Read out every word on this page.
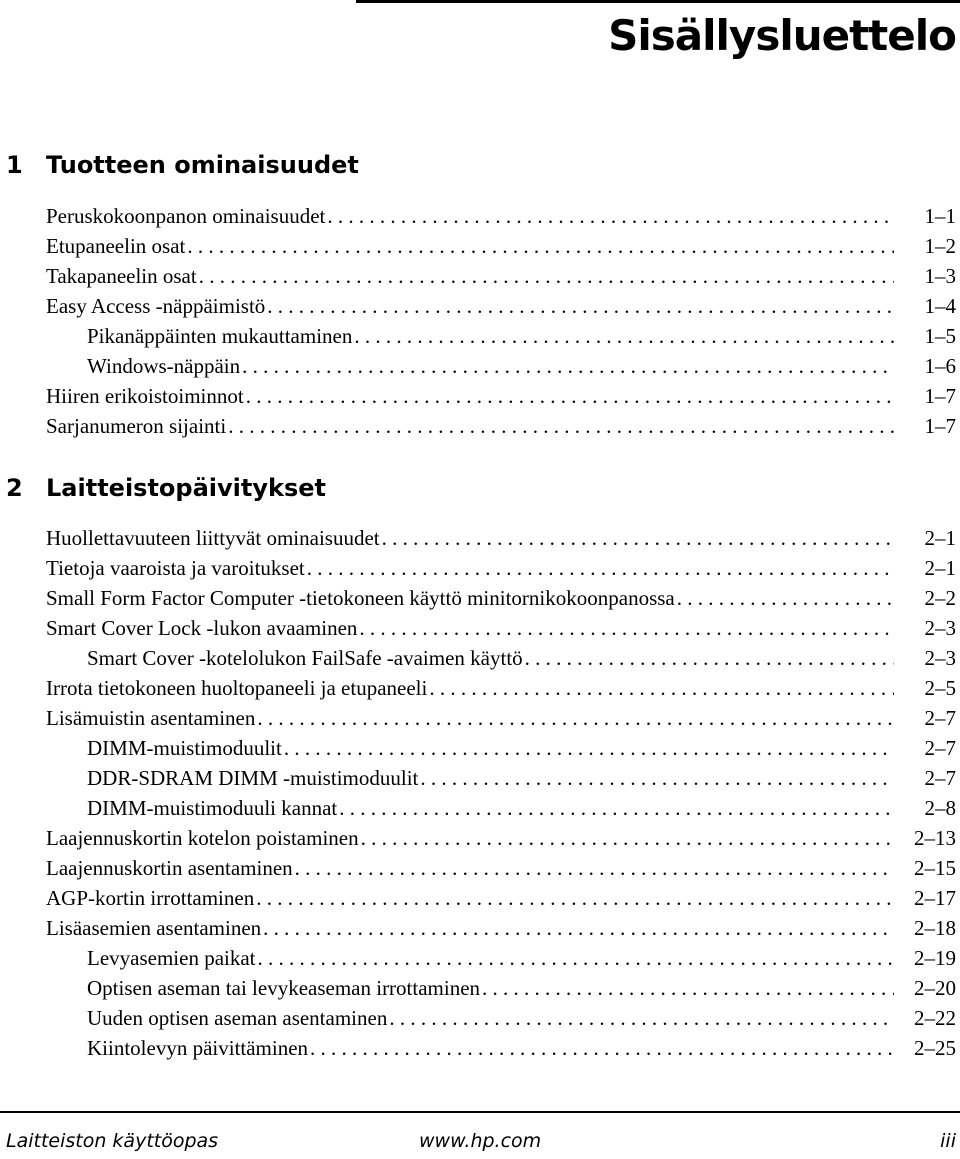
Sisällysluettelo
1 Tuotteen ominaisuudet
Peruskokoonpanon ominaisuudet . . .	1–1
Etupaneelin osat . . .	1–2
Takapaneelin osat . . .	1–3
Easy Access -näppäimistö . . .	1–4
Pikanäppäinten mukauttaminen . . .	1–5
Windows-näppäin . . .	1–6
Hiiren erikoistoiminnot . . .	1–7
Sarjanumeron sijainti . . .	1–7
2 Laitteistopäivitykset
Huollettavuuteen liittyvät ominaisuudet . . .	2–1
Tietoja vaaroista ja varoitukset . . .	2–1
Small Form Factor Computer -tietokoneen käyttö minitornikokoonpanossa . . .	2–2
Smart Cover Lock -lukon avaaminen . . .	2–3
Smart Cover -kotelolukon FailSafe -avaimen käyttö . . .	2–3
Irrota tietokoneen huoltopaneeli ja etupaneeli . . .	2–5
Lisämuistin asentaminen . . .	2–7
DIMM-muistimoduulit . . .	2–7
DDR-SDRAM DIMM -muistimoduulit . . .	2–7
DIMM-muistimoduuli kannat . . .	2–8
Laajennuskortin kotelon poistaminen . . .	2–13
Laajennuskortin asentaminen . . .	2–15
AGP-kortin irrottaminen . . .	2–17
Lisäasemien asentaminen . . .	2–18
Levyasemien paikat . . .	2–19
Optisen aseman tai levykeaseman irrottaminen . . .	2–20
Uuden optisen aseman asentaminen . . .	2–22
Kiintolevyn päivittäminen . . .	2–25
Laitteiston käyttöopas	www.hp.com	iii
